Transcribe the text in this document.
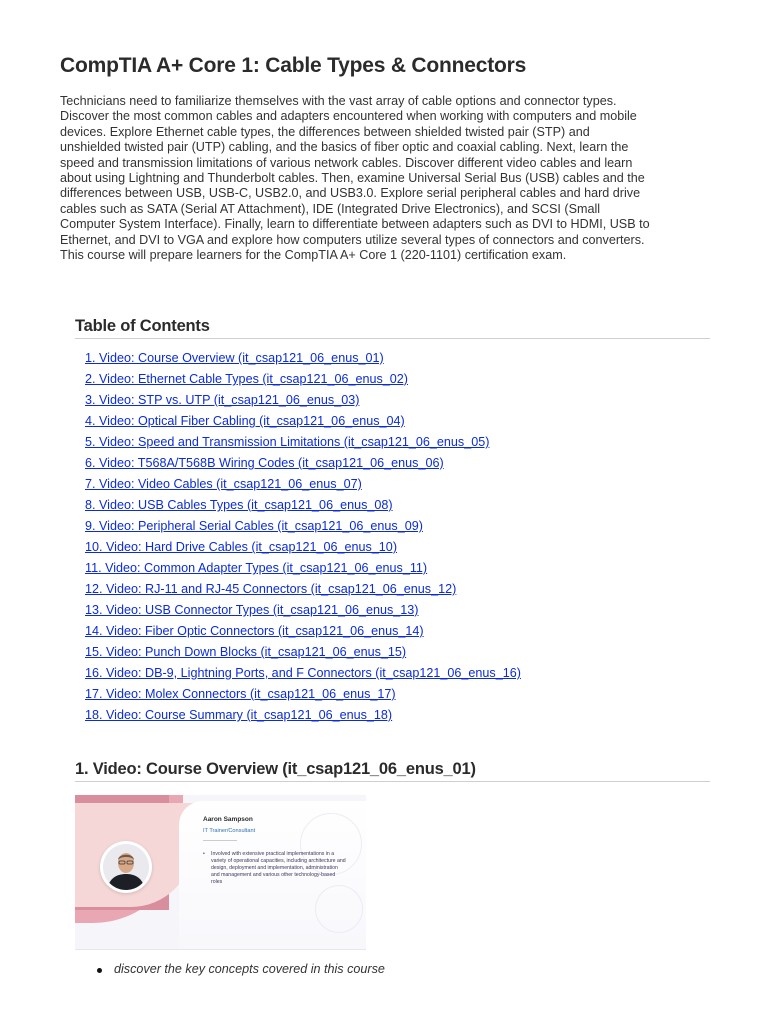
CompTIA A+ Core 1: Cable Types & Connectors

Technicians need to familiarize themselves with the vast array of cable options and connector types. Discover the most common cables and adapters encountered when working with computers and mobile devices. Explore Ethernet cable types, the differences between shielded twisted pair (STP) and unshielded twisted pair (UTP) cabling, and the basics of fiber optic and coaxial cabling. Next, learn the speed and transmission limitations of various network cables. Discover different video cables and learn about using Lightning and Thunderbolt cables. Then, examine Universal Serial Bus (USB) cables and the differences between USB, USB-C, USB2.0, and USB3.0. Explore serial peripheral cables and hard drive cables such as SATA (Serial AT Attachment), IDE (Integrated Drive Electronics), and SCSI (Small Computer System Interface). Finally, learn to differentiate between adapters such as DVI to HDMI, USB to Ethernet, and DVI to VGA and explore how computers utilize several types of connectors and converters. This course will prepare learners for the CompTIA A+ Core 1 (220-1101) certification exam.

Table of Contents
1. Video: Course Overview (it_csap121_06_enus_01)
2. Video: Ethernet Cable Types (it_csap121_06_enus_02)
3. Video: STP vs. UTP (it_csap121_06_enus_03)
4. Video: Optical Fiber Cabling (it_csap121_06_enus_04)
5. Video: Speed and Transmission Limitations (it_csap121_06_enus_05)
6. Video: T568A/T568B Wiring Codes (it_csap121_06_enus_06)
7. Video: Video Cables (it_csap121_06_enus_07)
8. Video: USB Cables Types (it_csap121_06_enus_08)
9. Video: Peripheral Serial Cables (it_csap121_06_enus_09)
10. Video: Hard Drive Cables (it_csap121_06_enus_10)
11. Video: Common Adapter Types (it_csap121_06_enus_11)
12. Video: RJ-11 and RJ-45 Connectors (it_csap121_06_enus_12)
13. Video: USB Connector Types (it_csap121_06_enus_13)
14. Video: Fiber Optic Connectors (it_csap121_06_enus_14)
15. Video: Punch Down Blocks (it_csap121_06_enus_15)
16. Video: DB-9, Lightning Ports, and F Connectors (it_csap121_06_enus_16)
17. Video: Molex Connectors (it_csap121_06_enus_17)
18. Video: Course Summary (it_csap121_06_enus_18)
1. Video: Course Overview (it_csap121_06_enus_01)
Aaron Sampson
IT Trainer/Consultant
• Involved with extensive practical implementations in a variety of operational capacities, including architecture and design, deployment and implementation, administration and management and various other technology-based roles
discover the key concepts covered in this course
